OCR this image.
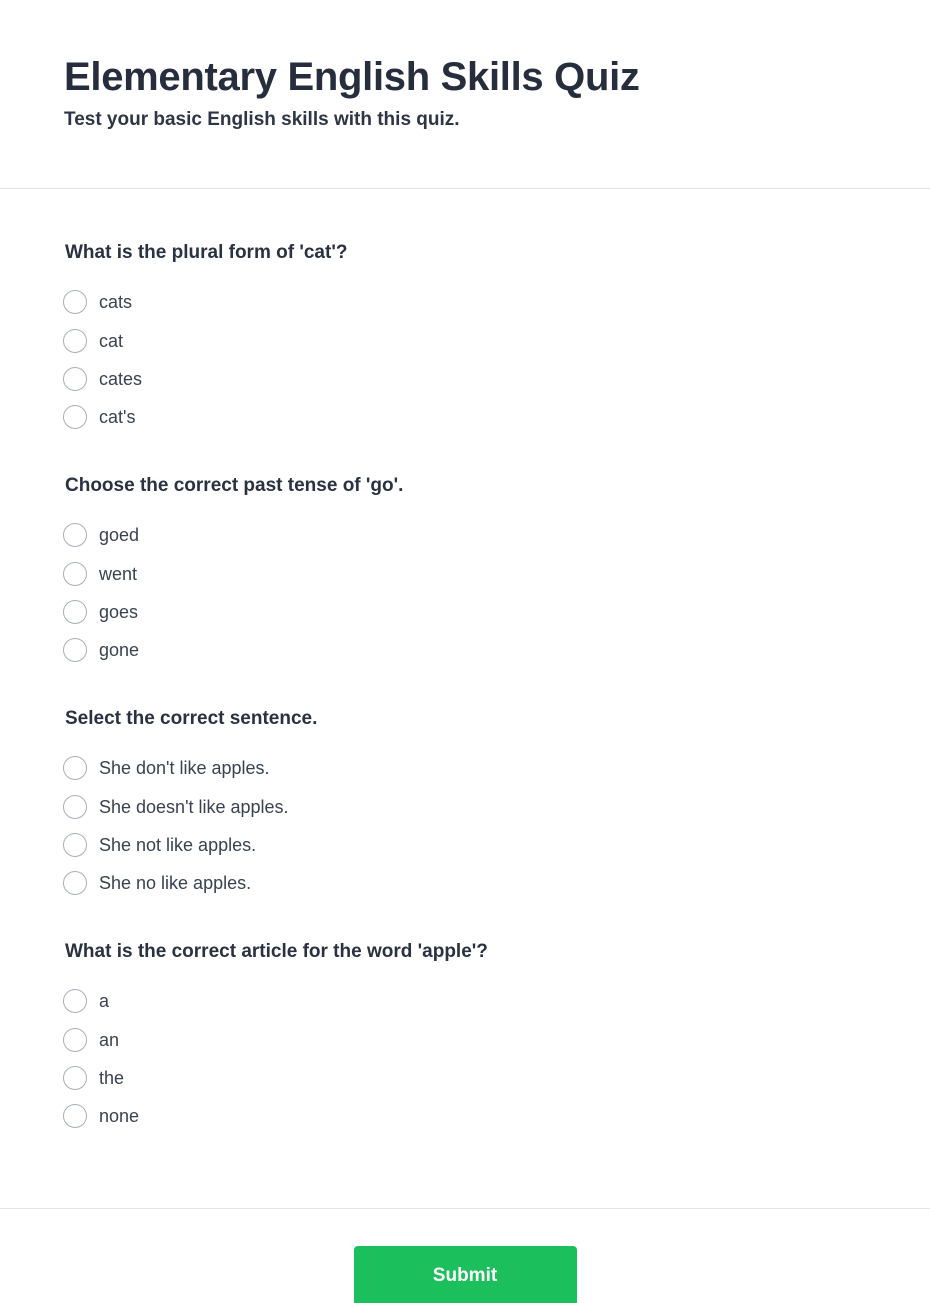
Elementary English Skills Quiz

Test your basic English skills with this quiz.

What is the plural form of 'cat'?
cats
cat
cates
cat's
Choose the correct past tense of 'go'.
goed
went
goes
gone
Select the correct sentence.
She don't like apples.
She doesn't like apples.
She not like apples.
She no like apples.
What is the correct article for the word 'apple'?
a
an
the
none
Submit
